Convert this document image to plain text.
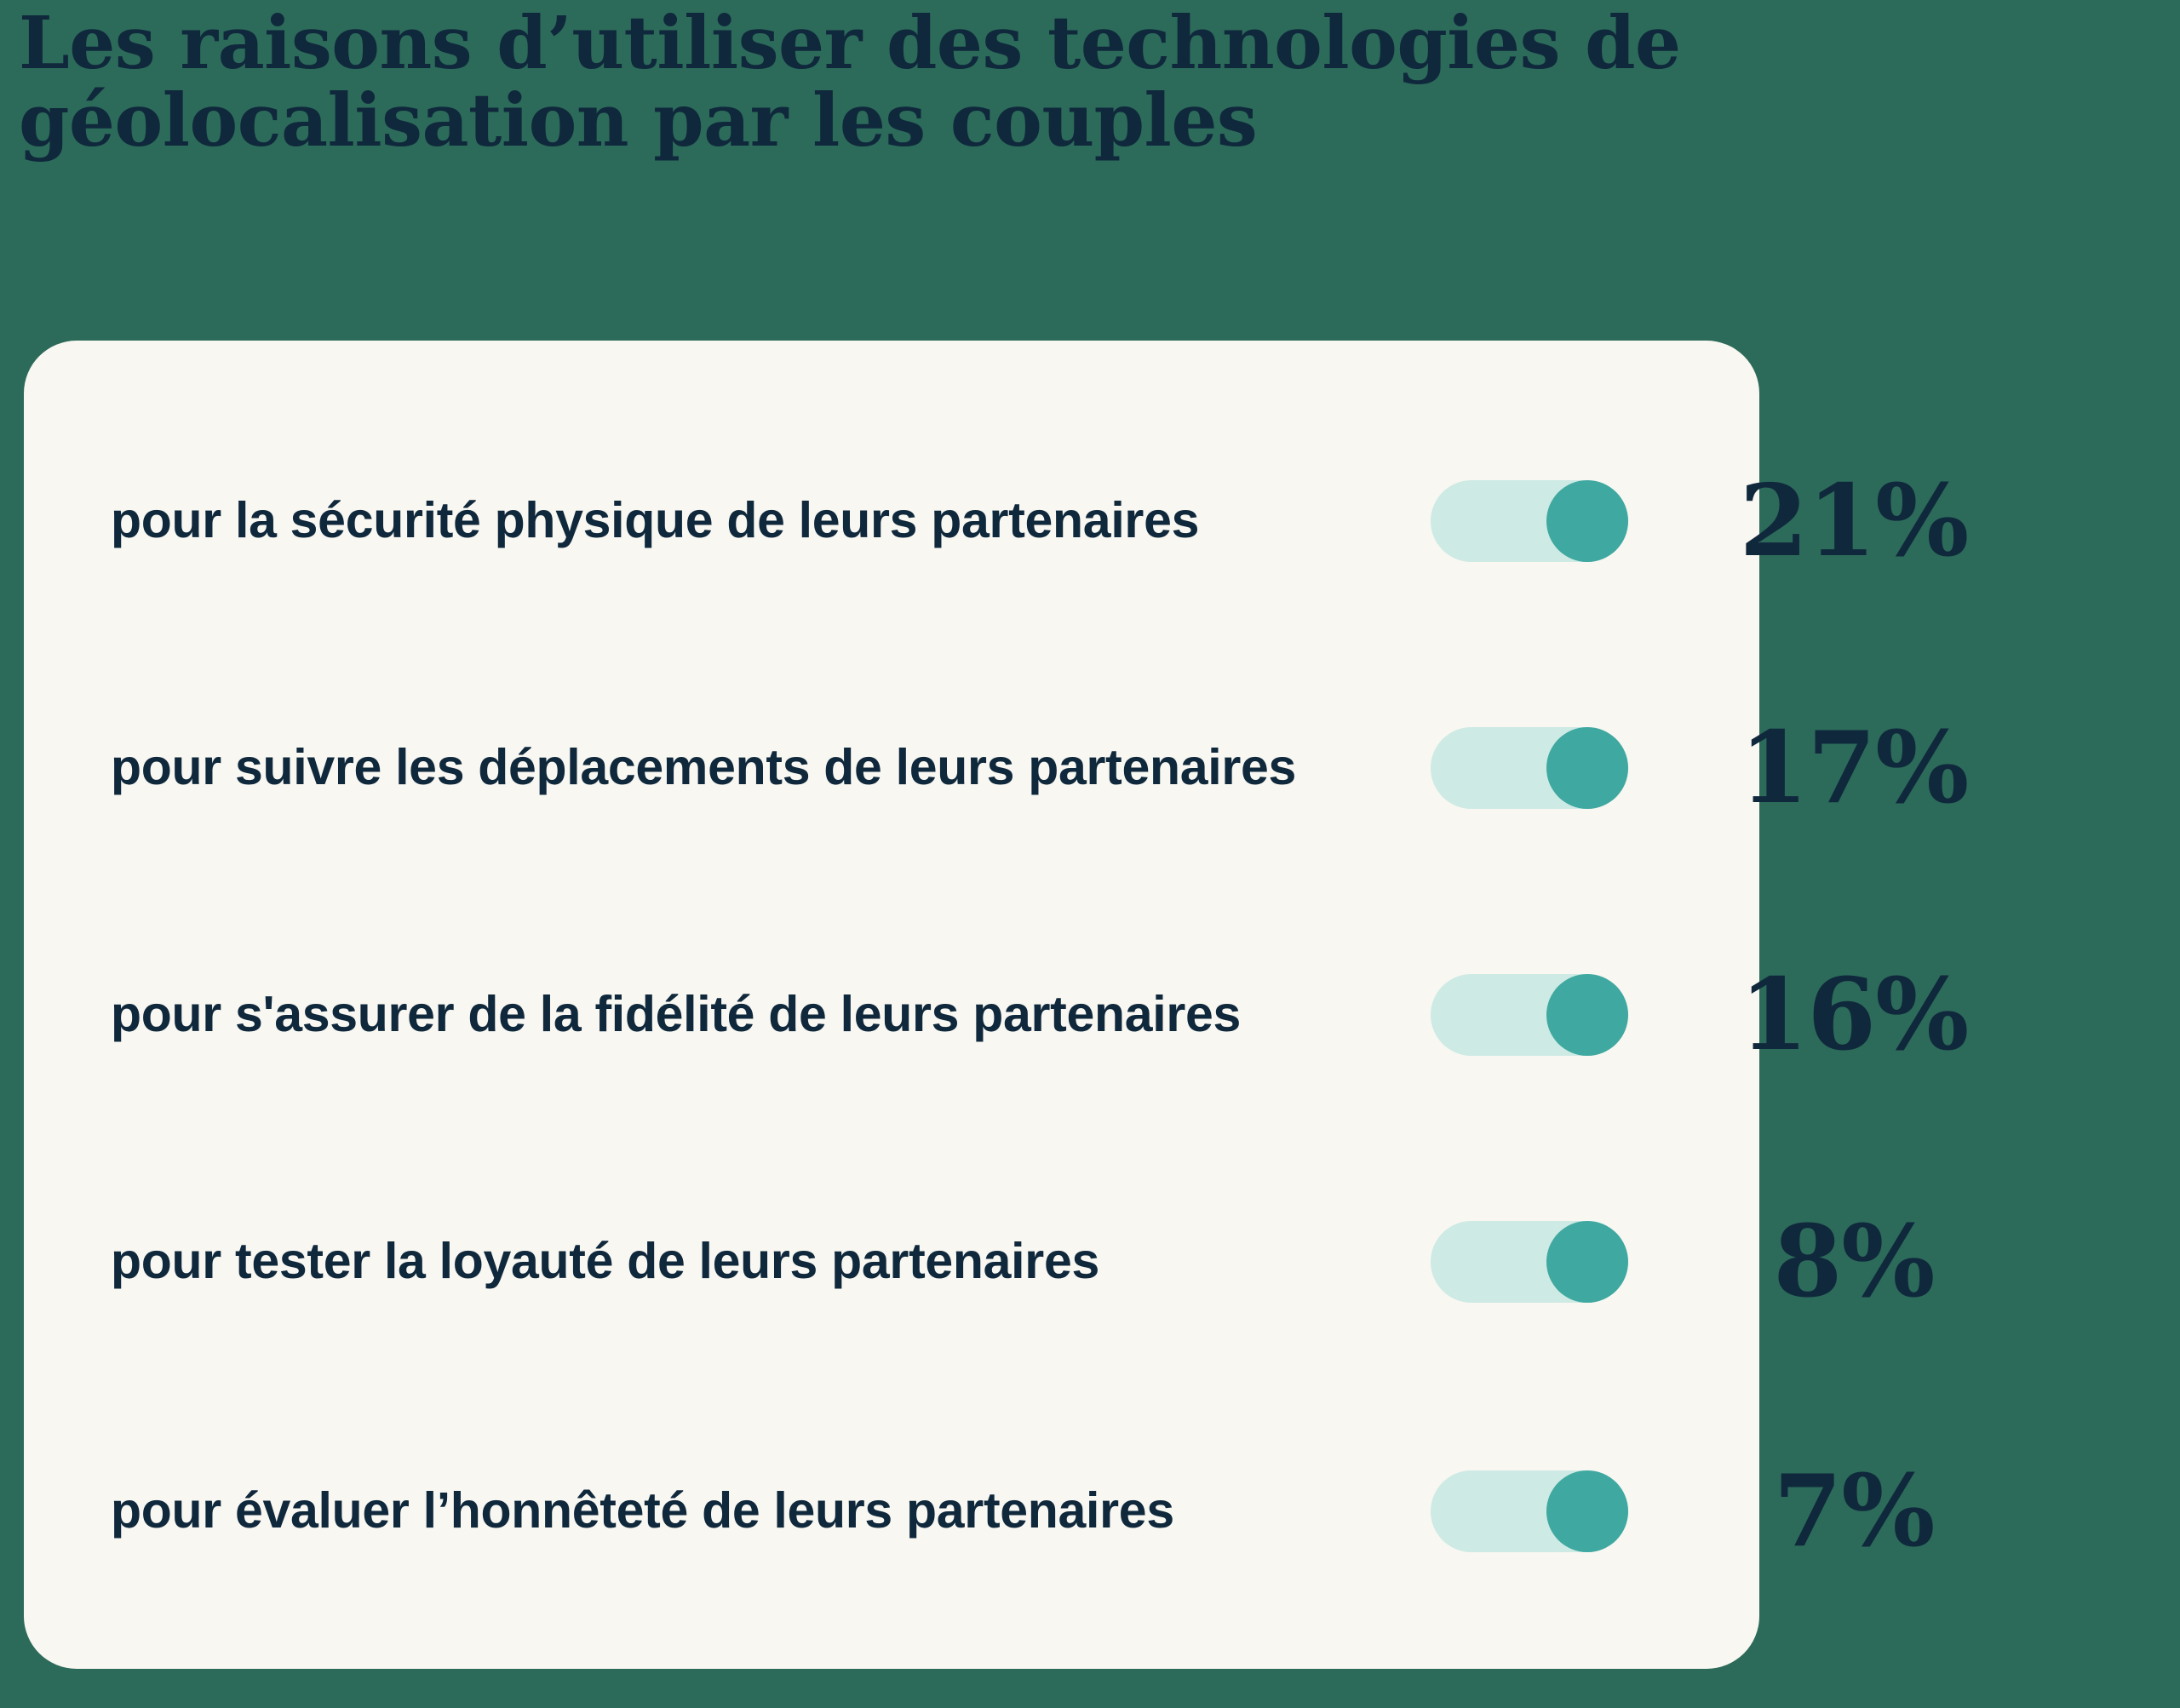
Les raisons d’utiliser des technologies de géolocalisation par les couples
pour la sécurité physique de leurs partenaires	21%
pour suivre les déplacements de leurs partenaires	17%
pour s'assurer de la fidélité de leurs partenaires	16%
pour tester la loyauté de leurs partenaires	8%
pour évaluer l’honnêteté de leurs partenaires	7%
